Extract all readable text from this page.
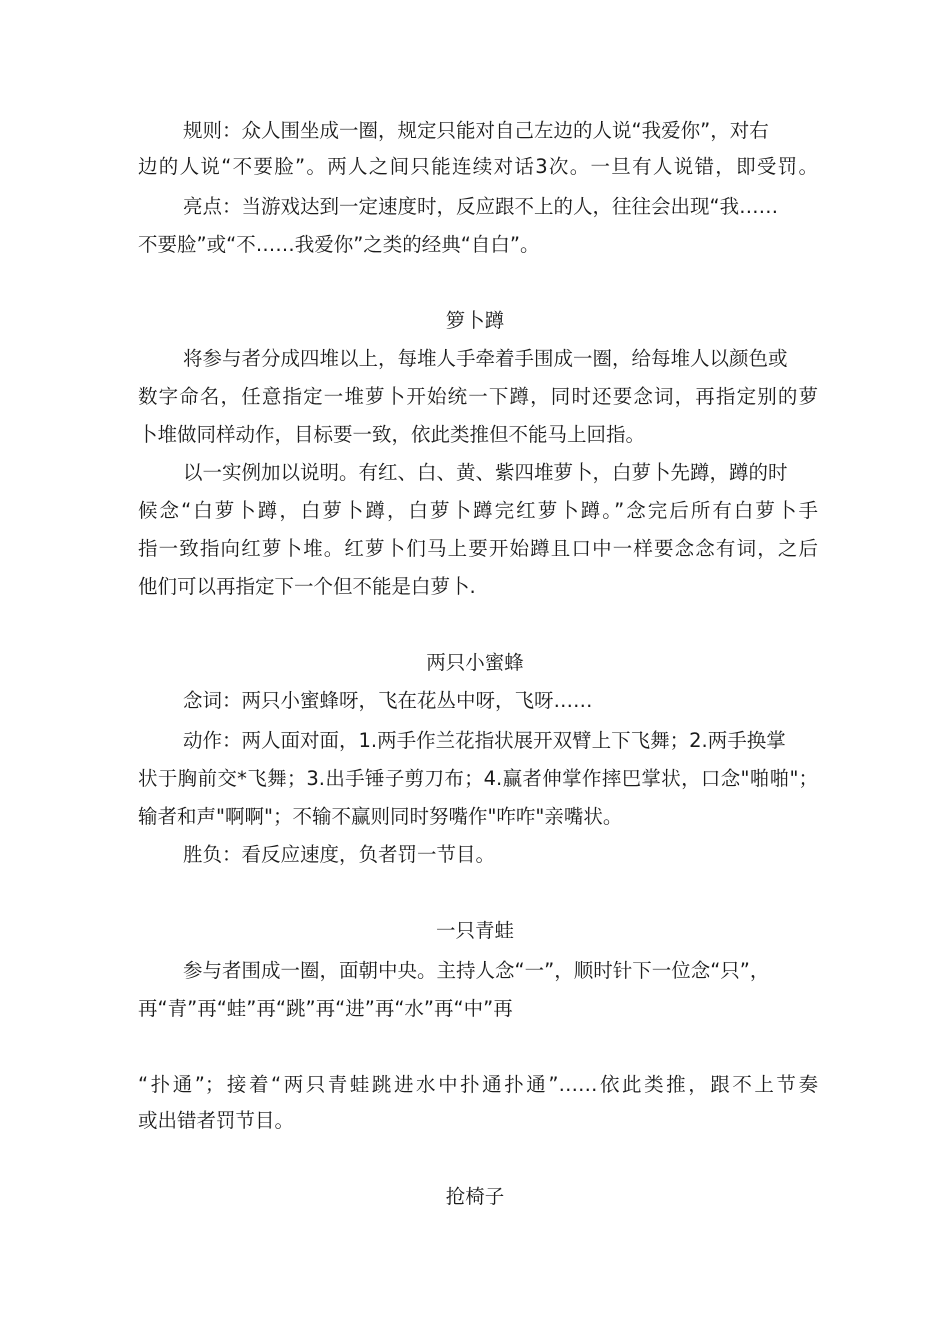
规则：众人围坐成一圈，规定只能对自己左边的人说“我爱你”，对右
边的人说“不要脸”。两人之间只能连续对话3次。一旦有人说错，即受罚。
亮点：当游戏达到一定速度时，反应跟不上的人，往往会出现“我……
不要脸”或“不……我爱你”之类的经典“自白”。
箩卜蹲
将参与者分成四堆以上，每堆人手牵着手围成一圈，给每堆人以颜色或
数字命名，任意指定一堆萝卜开始统一下蹲，同时还要念词，再指定别的萝
卜堆做同样动作，目标要一致，依此类推但不能马上回指。
以一实例加以说明。有红、白、黄、紫四堆萝卜，白萝卜先蹲，蹲的时
候念“白萝卜蹲，白萝卜蹲，白萝卜蹲完红萝卜蹲。”念完后所有白萝卜手
指一致指向红萝卜堆。红萝卜们马上要开始蹲且口中一样要念念有词，之后
他们可以再指定下一个但不能是白萝卜.
两只小蜜蜂
念词：两只小蜜蜂呀，飞在花丛中呀，飞呀……
动作：两人面对面，1.两手作兰花指状展开双臂上下飞舞；2.两手换掌
状于胸前交*飞舞；3.出手锤子剪刀布；4.赢者伸掌作摔巴掌状，口念"啪啪"；
输者和声"啊啊"；不输不赢则同时努嘴作"咋咋"亲嘴状。
胜负：看反应速度，负者罚一节目。
一只青蛙
参与者围成一圈，面朝中央。主持人念“一”，顺时针下一位念“只”，
再“青”再“蛙”再“跳”再“进”再“水”再“中”再
“扑通”；接着“两只青蛙跳进水中扑通扑通”……依此类推，跟不上节奏
或出错者罚节目。
抢椅子
